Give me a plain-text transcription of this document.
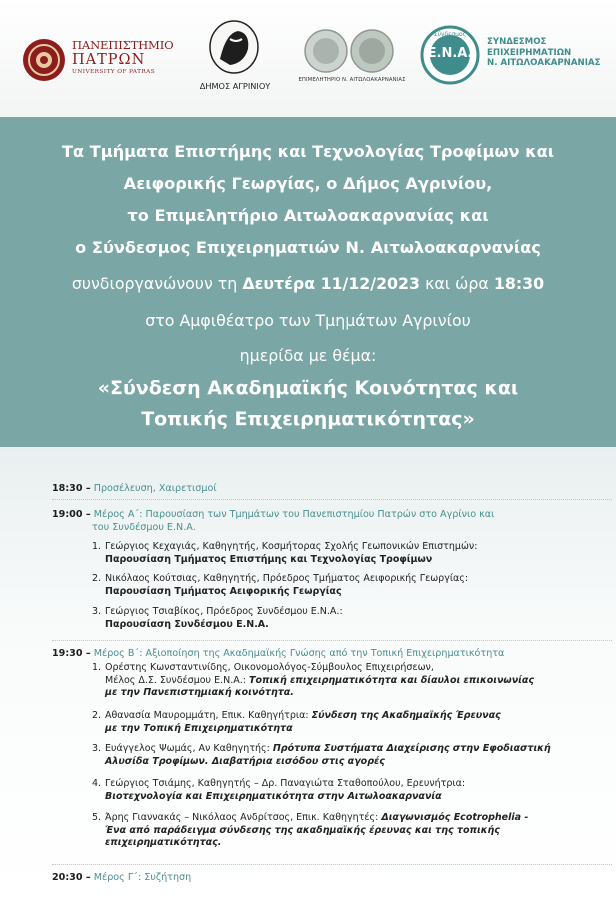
ΠΑΝΕΠΙΣΤΗΜΙΟ
ΠΑΤΡΩΝ
UNIVERSITY OF PATRAS
ΔΗΜΟΣ ΑΓΡΙΝΙΟΥ
ΕΠΙΜΕΛΗΤΗΡΙΟ Ν. ΑΙΤΩΛΟΑΚΑΡΝΑΝΙΑΣ
Σύνδεσμος
Ε.Ν.Α.
ΣΥΝΔΕΣΜΟΣ
ΕΠΙΧΕΙΡΗΜΑΤΙΩΝ
Ν. ΑΙΤΩΛΟΑΚΑΡΝΑΝΙΑΣ
Τα Τμήματα Επιστήμης και Τεχνολογίας Τροφίμων και
Αειφορικής Γεωργίας, ο Δήμος Αγρινίου,
το Επιμελητήριο Αιτωλοακαρνανίας και
ο Σύνδεσμος Επιχειρηματιών Ν. Αιτωλοακαρνανίας
συνδιοργανώνουν τη Δευτέρα 11/12/2023 και ώρα 18:30
στο Αμφιθέατρο των Τμημάτων Αγρινίου
ημερίδα με θέμα:
«Σύνδεση Ακαδημαϊκής Κοινότητας και
Τοπικής Επιχειρηματικότητας»
18:30 – Προσέλευση, Χαιρετισμοί
19:00 – Μέρος Α΄: Παρουσίαση των Τμημάτων του Πανεπιστημίου Πατρών στο Αγρίνιο και
του Συνδέσμου Ε.Ν.Α.
1. Γεώργιος Κεχαγιάς, Καθηγητής, Κοσμήτορας Σχολής Γεωπονικών Επιστημών:
Παρουσίαση Τμήματος Επιστήμης και Τεχνολογίας Τροφίμων
2. Νικόλαος Κούτσιας, Καθηγητής, Πρόεδρος Τμήματος Αειφορικής Γεωργίας:
Παρουσίαση Τμήματος Αειφορικής Γεωργίας
3. Γεώργιος Τσιαβίκος, Πρόεδρος Συνδέσμου Ε.Ν.Α.:
Παρουσίαση Συνδέσμου Ε.Ν.Α.
19:30 – Μέρος Β΄: Αξιοποίηση της Ακαδημαϊκής Γνώσης από την Τοπική Επιχειρηματικότητα
1. Ορέστης Κωνσταντινίδης, Οικονομολόγος-Σύμβουλος Επιχειρήσεων,
Μέλος Δ.Σ. Συνδέσμου Ε.Ν.Α.: Τοπική επιχειρηματικότητα και δίαυλοι επικοινωνίας
με την Πανεπιστημιακή κοινότητα.
2. Αθανασία Μαυρομμάτη, Επικ. Καθηγήτρια: Σύνδεση της Ακαδημαϊκής Έρευνας
με την Τοπική Επιχειρηματικότητα
3. Ευάγγελος Ψωμάς, Αν Καθηγητής: Πρότυπα Συστήματα Διαχείρισης στην Εφοδιαστική
Αλυσίδα Τροφίμων. Διαβατήρια εισόδου στις αγορές
4. Γεώργιος Τσιάμης, Καθηγητής – Δρ. Παναγιώτα Σταθοπούλου, Ερευνήτρια:
Βιοτεχνολογία και Επιχειρηματικότητα στην Αιτωλοακαρνανία
5. Άρης Γιαννακάς – Νικόλαος Ανδρίτσος, Επικ. Καθηγητές: Διαγωνισμός Ecotrophelia -
Ένα από παράδειγμα σύνδεσης της ακαδημαϊκής έρευνας και της τοπικής
επιχειρηματικότητας.
20:30 – Μέρος Γ΄: Συζήτηση
